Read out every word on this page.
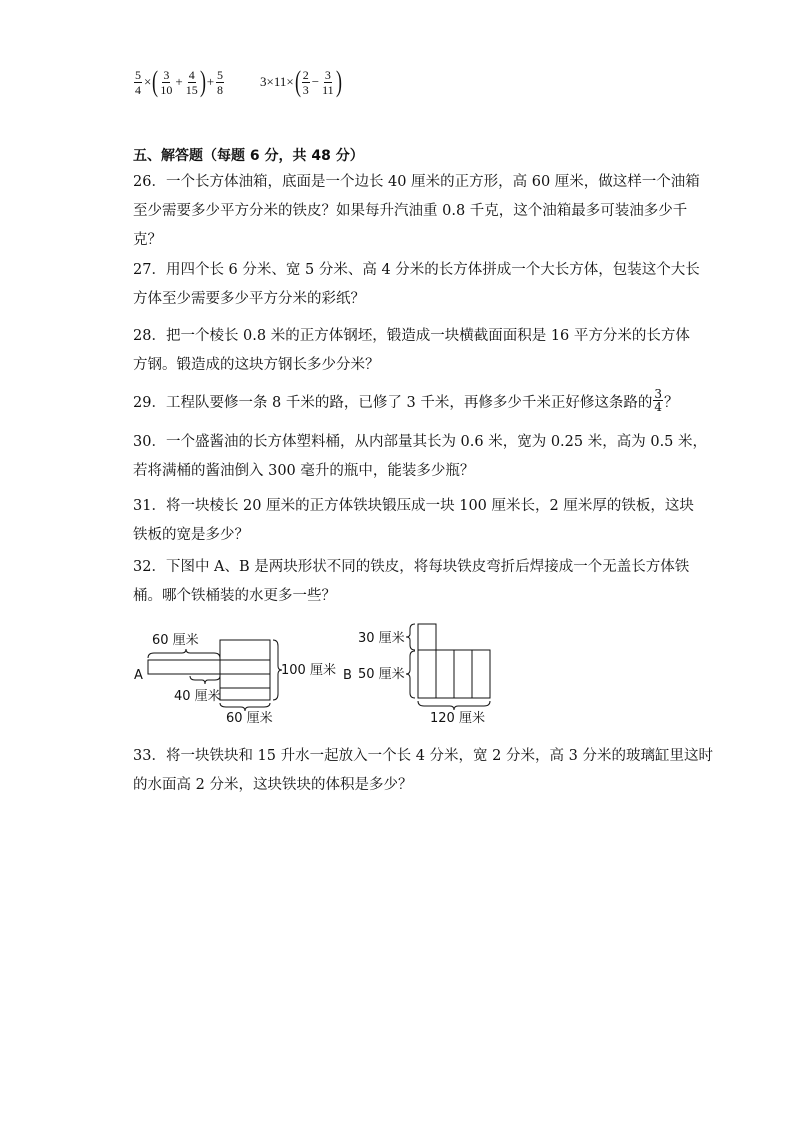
$\frac{5}{4}$ × ( $\frac{3}{10} + \frac{4}{15}$ ) + $\frac{5}{8}$	3×11× ( $\frac{2}{3} - \frac{3}{11}$ )
五、解答题（每题 6 分，共 48 分）
26．一个长方体油箱，底面是一个边长 40 厘米的正方形，高 60 厘米，做这样一个油箱
至少需要多少平方分米的铁皮？如果每升汽油重 0.8 千克，这个油箱最多可装油多少千
克？
27．用四个长 6 分米、宽 5 分米、高 4 分米的长方体拼成一个大长方体，包装这个大长
方体至少需要多少平方分米的彩纸？
28．把一个棱长 0.8 米的正方体钢坯，锻造成一块横截面面积是 16 平方分米的长方体
方钢。锻造成的这块方钢长多少分米？
29．工程队要修一条 8 千米的路，已修了 3 千米，再修多少千米正好修这条路的 $\frac{3}{4}$ ？
30．一个盛酱油的长方体塑料桶，从内部量其长为 0.6 米，宽为 0.25 米，高为 0.5 米，
若将满桶的酱油倒入 300 毫升的瓶中，能装多少瓶？
31．将一块棱长 20 厘米的正方体铁块锻压成一块 100 厘米长，2 厘米厚的铁板，这块
铁板的宽是多少？
32．下图中 A、B 是两块形状不同的铁皮，将每块铁皮弯折后焊接成一个无盖长方体铁
桶。哪个铁桶装的水更多一些？
A
60 厘米
100 厘米
40 厘米
60 厘米
B
30 厘米
50 厘米
120 厘米
33．将一块铁块和 15 升水一起放入一个长 4 分米，宽 2 分米，高 3 分米的玻璃缸里这时
的水面高 2 分米，这块铁块的体积是多少？
